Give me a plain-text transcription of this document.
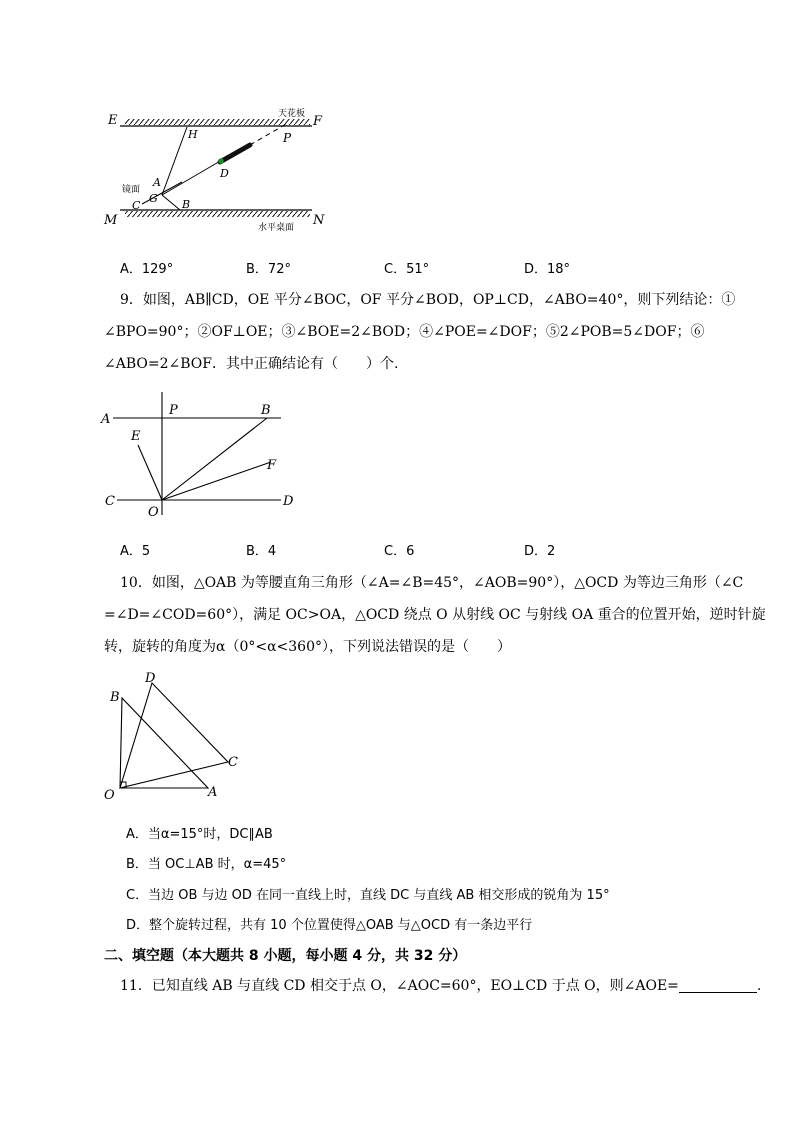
E	F
H	P
D
A
G
C	B
M	N
天花板
镜面
水平桌面
A．129°	B．72°	C．51°	D．18°
9．如图，AB∥CD，OE 平分∠BOC，OF 平分∠BOD，OP⊥CD，∠ABO=40°，则下列结论：①
∠BPO=90°；②OF⊥OE；③∠BOE=2∠BOD；④∠POE=∠DOF；⑤2∠POB=5∠DOF；⑥
∠ABO=2∠BOF．其中正确结论有（　　）个.
A
P	B
E
F
C
O
D
A．5	B．4	C．6	D．2
10．如图，△OAB 为等腰直角三角形（∠A=∠B=45°，∠AOB=90°），△OCD 为等边三角形（∠C
=∠D=∠COD=60°），满足 OC>OA，△OCD 绕点 O 从射线 OC 与射线 OA 重合的位置开始，逆时针旋
转，旋转的角度为α（0°<α<360°），下列说法错误的是（　　）
B
D
C
O	A
A．当α=15°时，DC∥AB
B．当 OC⊥AB 时，α=45°
C．当边 OB 与边 OD 在同一直线上时，直线 DC 与直线 AB 相交形成的锐角为 15°
D．整个旋转过程，共有 10 个位置使得△OAB 与△OCD 有一条边平行
二、填空题（本大题共 8 小题，每小题 4 分，共 32 分）
11．已知直线 AB 与直线 CD 相交于点 O，∠AOC=60°，EO⊥CD 于点 O，则∠AOE=	.
